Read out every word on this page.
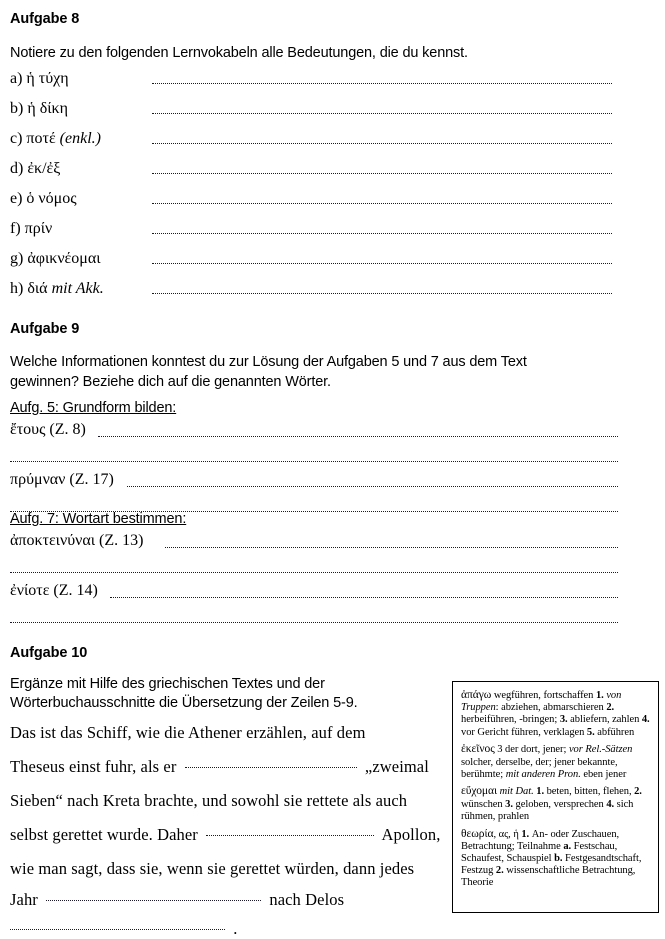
Aufgabe 8
Notiere zu den folgenden Lernvokabeln alle Bedeutungen, die du kennst.
a) ἡ τύχη
b) ἡ δίκη
c) ποτέ (enkl.)
d) ἐκ/ἐξ
e) ὁ νόμος
f) πρίν
g) ἀφικνέομαι
h) διά mit Akk.
Aufgabe 9
Welche Informationen konntest du zur Lösung der Aufgaben 5 und 7 aus dem Text
gewinnen? Beziehe dich auf die genannten Wörter.
Aufg. 5: Grundform bilden:
ἔτους (Z. 8)
πρύμναν (Z. 17)
Aufg. 7: Wortart bestimmen:
ἀποκτεινύναι (Z. 13)
ἐνίοτε (Z. 14)
Aufgabe 10
Ergänze mit Hilfe des griechischen Textes und der
Wörterbuchausschnitte die Übersetzung der Zeilen 5-9.
Das ist das Schiff, wie die Athener erzählen, auf dem
Theseus einst fuhr, als er	„zweimal
Sieben“ nach Kreta brachte, und sowohl sie rettete als auch
selbst gerettet wurde. Daher	Apollon,
wie man sagt, dass sie, wenn sie gerettet würden, dann jedes
Jahr	nach Delos
.
ἀπάγω wegführen, fortschaffen 1. von Truppen: abziehen, abmarschieren 2. herbeiführen, -bringen; 3. abliefern, zahlen 4. vor Gericht führen, verklagen 5. abführen
ἐκεῖνος 3 der dort, jener; vor Rel.-Sätzen solcher, derselbe, der; jener bekannte, berühmte; mit anderen Pron. eben jener
εὔχομαι mit Dat. 1. beten, bitten, flehen, 2. wünschen 3. geloben, versprechen 4. sich rühmen, prahlen
θεωρία, ας, ἡ 1. An- oder Zuschauen, Betrachtung; Teilnahme a. Festschau, Schaufest, Schauspiel b. Festgesandtschaft, Festzug 2. wissenschaftliche Betrachtung, Theorie
